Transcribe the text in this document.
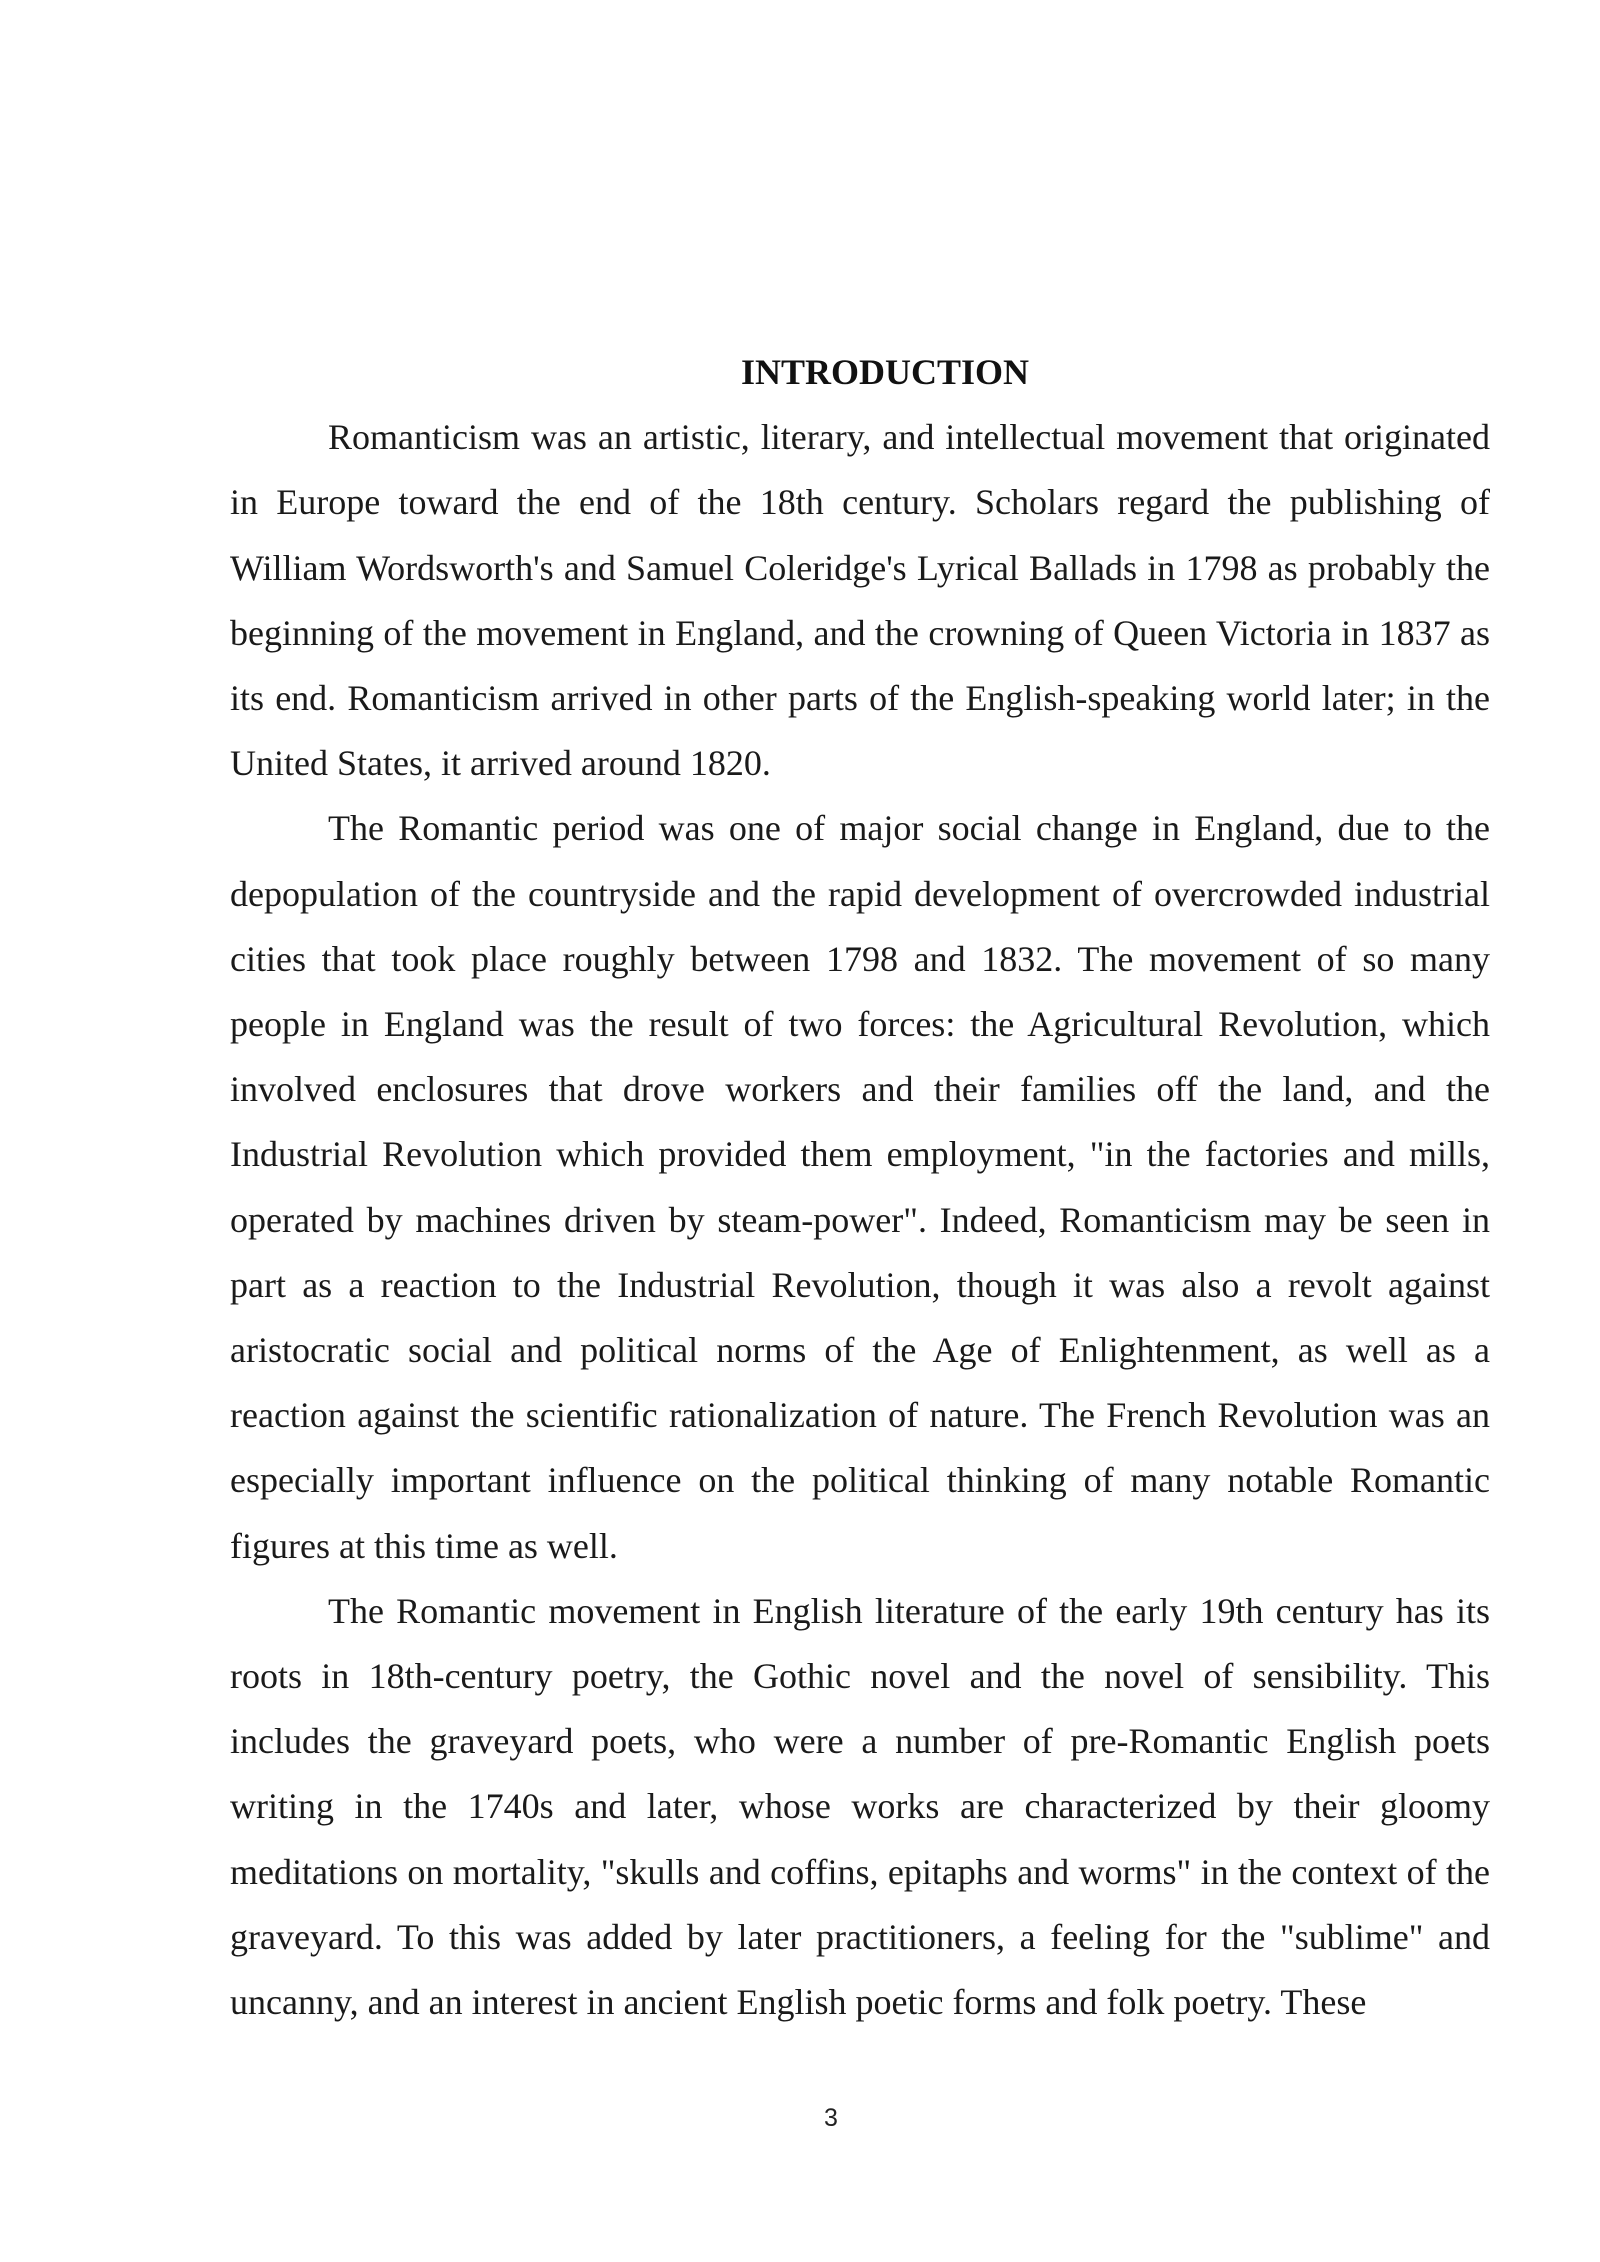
INTRODUCTION

Romanticism was an artistic, literary, and intellectual movement that originated in Europe toward the end of the 18th century. Scholars regard the publishing of William Wordsworth's and Samuel Coleridge's Lyrical Ballads in 1798 as probably the beginning of the movement in England, and the crowning of Queen Victoria in 1837 as its end. Romanticism arrived in other parts of the English-speaking world later; in the United States, it arrived around 1820.

The Romantic period was one of major social change in England, due to the depopulation of the countryside and the rapid development of overcrowded industrial cities that took place roughly between 1798 and 1832. The movement of so many people in England was the result of two forces: the Agricultural Revolution, which involved enclosures that drove workers and their families off the land, and the Industrial Revolution which provided them employment, "in the factories and mills, operated by machines driven by steam-power". Indeed, Romanticism may be seen in part as a reaction to the Industrial Revolution, though it was also a revolt against aristocratic social and political norms of the Age of Enlightenment, as well as a reaction against the scientific rationalization of nature. The French Revolution was an especially important influence on the political thinking of many notable Romantic figures at this time as well.

The Romantic movement in English literature of the early 19th century has its roots in 18th-century poetry, the Gothic novel and the novel of sensibility. This includes the graveyard poets, who were a number of pre-Romantic English poets writing in the 1740s and later, whose works are characterized by their gloomy meditations on mortality, "skulls and coffins, epitaphs and worms" in the context of the graveyard. To this was added by later practitioners, a feeling for the "sublime" and uncanny, and an interest in ancient English poetic forms and folk poetry. These

3
